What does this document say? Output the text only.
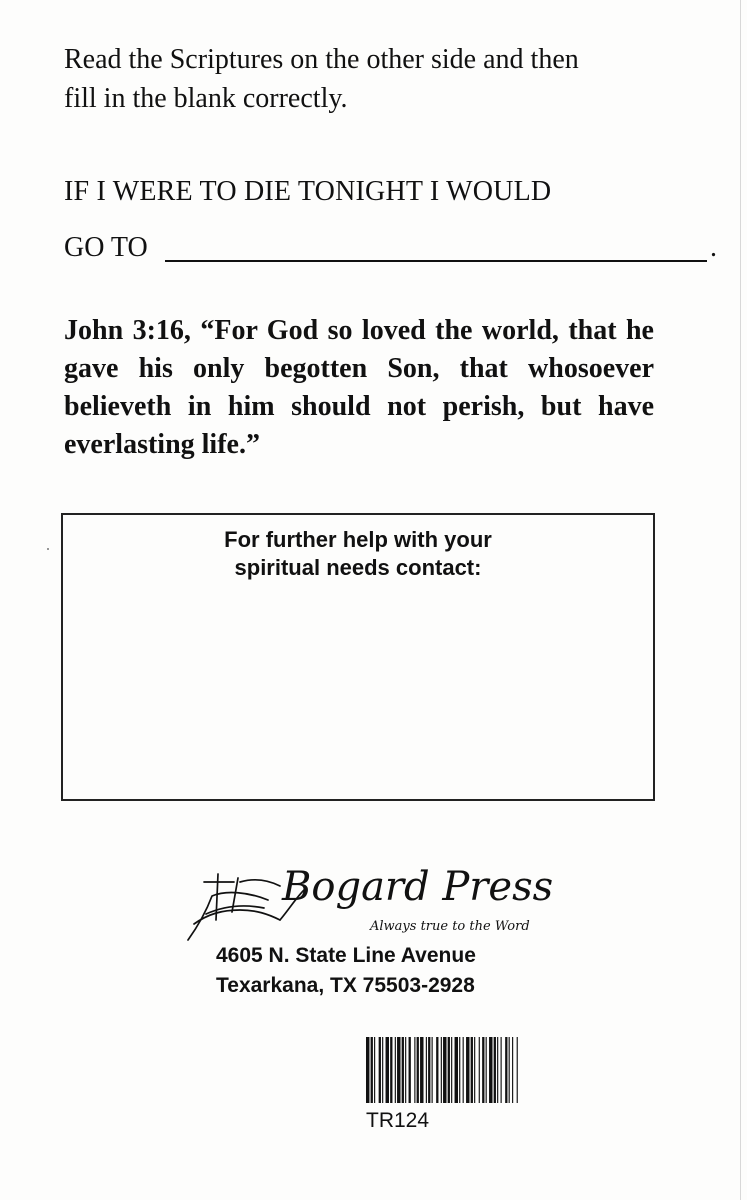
Read the Scriptures on the other side and then
fill in the blank correctly.

IF I WERE TO DIE TONIGHT I WOULD

GO TO	.

John 3:16, “For God so loved the world, that he gave his only begotten Son, that whosoever believeth in him should not perish, but have everlasting life.”

For further help with your
spiritual needs contact:

Bogard Press
Always true to the Word
4605 N. State Line Avenue
Texarkana, TX 75503-2928
TR124
